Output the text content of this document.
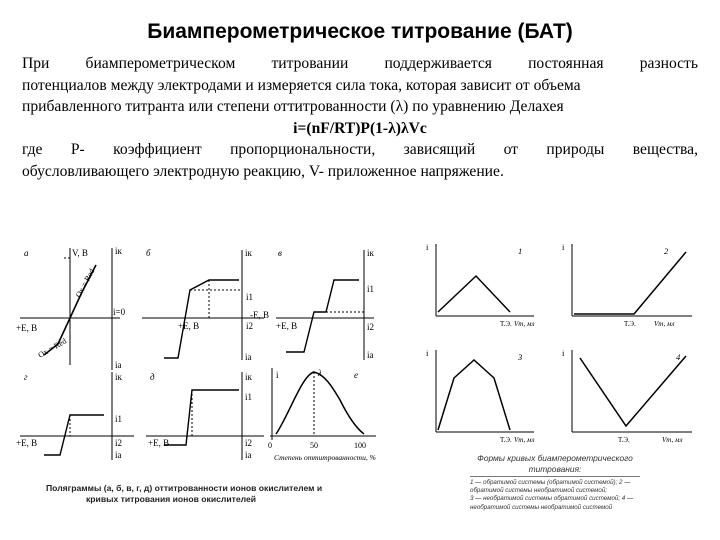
Биамперометрическое титрование (БАТ)
При биамперометрическом титровании поддерживается постоянная разность
потенциалов между электродами и измеряется сила тока, которая зависит от объема
прибавленного титранта или степени оттитрованности (λ) по уравнению Делахея
i=(nF/RT)P(1-λ)λVc
где Р- коэффициент пропорциональности, зависящий от природы вещества,
обусловливающего электродную реакцию, V- приложенное напряжение.
а	V, B	iк
iа
i=0
+Е, В
Ox = Red
Ox = Red
б	iк
iа
i1
i2
+Е, В
-Е, В
в	iк
iа
i1
i2
+Е, В
г	iк
iа
i1
i2
+Е, В
д	iк
iа
i1
i2
+Е, В
i	λ	е
0	50	100
Степень оттитрованности, %
i	1
Т.Э. Vт, мл
i	2
Т.Э.	Vт, мл
i	3
Т.Э. Vт, мл
i	4
Т.Э.	Vт, мл
Поляграммы (а, б, в, г, д) оттитрованности ионов окислителем и
кривых титрования ионов окислителей
Формы кривых биамперометрического титрования:
1 — обратимой системы (обратимой системой); 2 — обратимой системы необратимой системой;
3 — необратимой системы обратимой системой; 4 — необратимой системы необратимой системой
